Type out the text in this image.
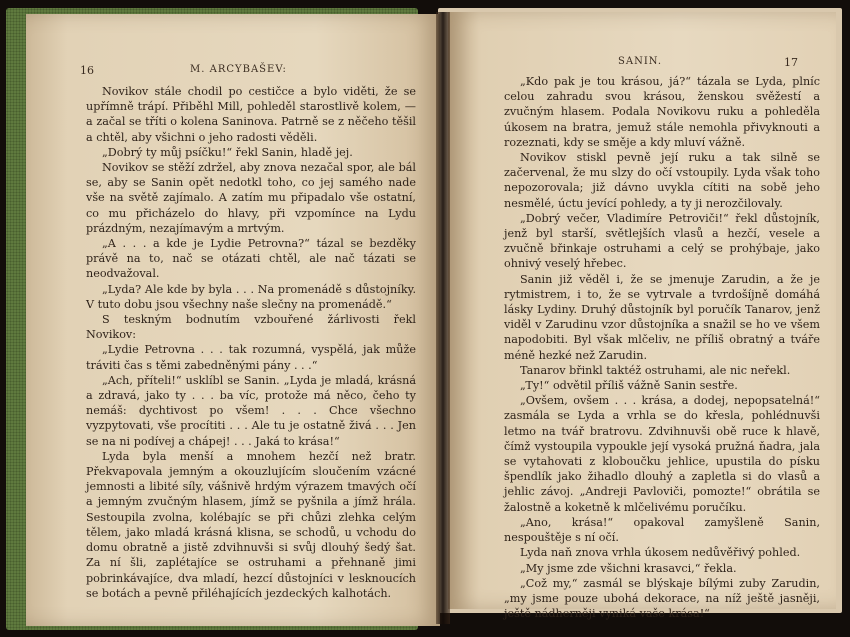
16	M. ARCYBAŠEV:

Novikov stále chodil po cestičce a bylo viděti, že se upřímně trápí. Přiběhl Mill, pohleděl starostlivě kolem, — a začal se tříti o kolena Saninova. Patrně se z něčeho těšil a chtěl, aby všichni o jeho radosti věděli.

„Dobrý ty můj psíčku!“ řekl Sanin, hladě jej.

Novikov se stěží zdržel, aby znova nezačal spor, ale bál se, aby se Sanin opět nedotkl toho, co jej samého nade vše na světě zajímalo. A zatím mu připadalo vše ostatní, co mu přicházelo do hlavy, při vzpomínce na Lydu prázdným, nezajímavým a mrtvým.

„A . . . a kde je Lydie Petrovna?“ tázal se bezděky právě na to, nač se otázati chtěl, ale nač tázati se neodvažoval.

„Lyda? Ale kde by byla . . . Na promenádě s důstojníky. V tuto dobu jsou všechny naše slečny na promenádě.“

S teskným bodnutím vzbouřené žárlivosti řekl Novikov:

„Lydie Petrovna . . . tak rozumná, vyspělá, jak může tráviti čas s těmi zabedněnými pány . . .“

„Ach, příteli!“ usklíbl se Sanin. „Lyda je mladá, krásná a zdravá, jako ty . . . ba víc, protože má něco, čeho ty nemáš: dychtivost po všem! . . . Chce všechno vyzpytovati, vše procítiti . . . Ale tu je ostatně živá . . . Jen se na ni podívej a chápej! . . . Jaká to krása!“

Lyda byla menší a mnohem hezčí než bratr. Překvapovala jemným a okouzlujícím sloučením vzácné jemnosti a libité síly, vášnivě hrdým výrazem tmavých očí a jemným zvučným hlasem, jímž se pyšnila a jímž hrála. Sestoupila zvolna, kolébajíc se při chůzi zlehka celým tělem, jako mladá krásná klisna, se schodů, u vchodu do domu obratně a jistě zdvihnuvši si svůj dlouhý šedý šat. Za ní šli, zaplétajíce se ostruhami a přehnaně jimi pobrinkávajíce, dva mladí, hezcí důstojníci v lesknoucích se botách a pevně přiléhajících jezdeckých kalhotách.

SANIN.	17

„Kdo pak je tou krásou, já?“ tázala se Lyda, plníc celou zahradu svou krásou, ženskou svěžestí a zvučným hlasem. Podala Novikovu ruku a pohleděla úkosem na bratra, jemuž stále nemohla přivyknouti a rozeznati, kdy se směje a kdy mluví vážně.

Novikov stiskl pevně její ruku a tak silně se začervenal, že mu slzy do očí vstoupily. Lyda však toho nepozorovala; již dávno uvykla cítiti na sobě jeho nesmělé, úctu jevící pohledy, a ty ji nerozčilovaly.

„Dobrý večer, Vladimíre Petroviči!“ řekl důstojník, jenž byl starší, světlejších vlasů a hezčí, vesele a zvučně břinkaje ostruhami a celý se prohýbaje, jako ohnivý veselý hřebec.

Sanin již věděl i, že se jmenuje Zarudin, a že je rytmistrem, i to, že se vytrvale a tvrdošíjně domáhá lásky Lydiny. Druhý důstojník byl poručík Tanarov, jenž viděl v Zarudinu vzor důstojníka a snažil se ho ve všem napodobiti. Byl však mlčeliv, ne příliš obratný a tváře méně hezké než Zarudin.

Tanarov břinkl taktéž ostruhami, ale nic neřekl.

„Ty!“ odvětil příliš vážně Sanin sestře.

„Ovšem, ovšem . . . krása, a dodej, nepopsatelná!“ zasmála se Lyda a vrhla se do křesla, pohlédnuvši letmo na tvář bratrovu. Zdvihnuvši obě ruce k hlavě, čímž vystoupila vypoukle její vysoká pružná ňadra, jala se vytahovati z kloboučku jehlice, upustila do písku špendlík jako žihadlo dlouhý a zapletla si do vlasů a jehlic závoj. „Andreji Pavloviči, pomozte!“ obrátila se žalostně a koketně k mlčelivému poručíku.

„Ano, krása!“ opakoval zamyšleně Sanin, nespouštěje s ní očí.

Lyda naň znova vrhla úkosem nedůvěřivý pohled.

„My jsme zde všichni krasavci,“ řekla.

„Což my,“ zasmál se blýskaje bílými zuby Zarudin, „my jsme pouze ubohá dekorace, na níž ještě jasněji, ještě nádherněji vyniká vaše krása!“
